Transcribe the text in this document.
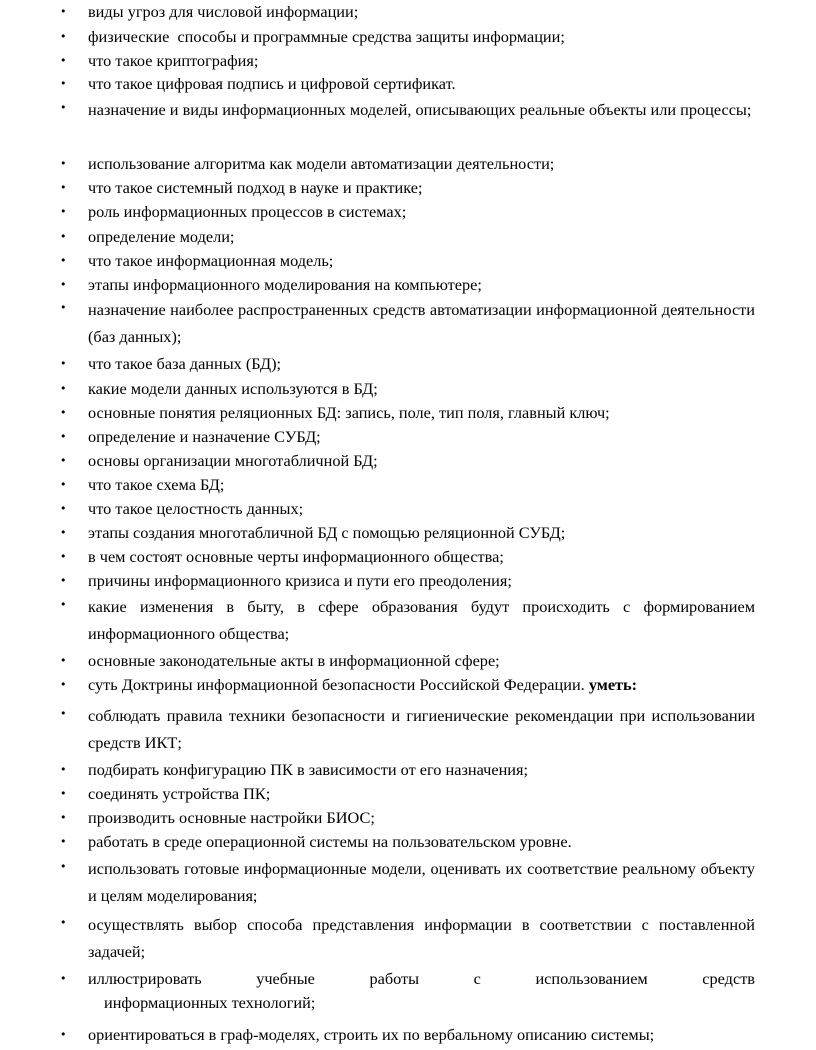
•	виды угроз для числовой информации;
•	физические  способы и программные средства защиты информации;
•	что такое криптография;
•	что такое цифровая подпись и цифровой сертификат.
•	назначение и виды информационных моделей, описывающих реальные объекты или процессы;
•	использование алгоритма как модели автоматизации деятельности;
•	что такое системный подход в науке и практике;
•	роль информационных процессов в системах;
•	определение модели;
•	что такое информационная модель;
•	этапы информационного моделирования на компьютере;
•	назначение наиболее распространенных средств автоматизации информационной деятельности (баз данных);
•	что такое база данных (БД);
•	какие модели данных используются в БД;
•	основные понятия реляционных БД: запись, поле, тип поля, главный ключ;
•	определение и назначение СУБД;
•	основы организации многотабличной БД;
•	что такое схема БД;
•	что такое целостность данных;
•	этапы создания многотабличной БД с помощью реляционной СУБД;
•	в чем состоят основные черты информационного общества;
•	причины информационного кризиса и пути его преодоления;
•	какие изменения в быту, в сфере образования будут происходить с формированием информационного общества;
•	основные законодательные акты в информационной сфере;
•	суть Доктрины информационной безопасности Российской Федерации. уметь:
•	соблюдать правила техники безопасности и гигиенические рекомендации при использовании средств ИКТ;
•	подбирать конфигурацию ПК в зависимости от его назначения;
•	соединять устройства ПК;
•	производить основные настройки БИОС;
•	работать в среде операционной системы на пользовательском уровне.
•	использовать готовые информационные модели, оценивать их соответствие реальному объекту и целям моделирования;
•	осуществлять выбор способа представления информации в соответствии с поставленной задачей;
•	иллюстрировать учебные работы с использованием средств
информационных технологий;
•	ориентироваться в граф-моделях, строить их по вербальному описанию системы;
